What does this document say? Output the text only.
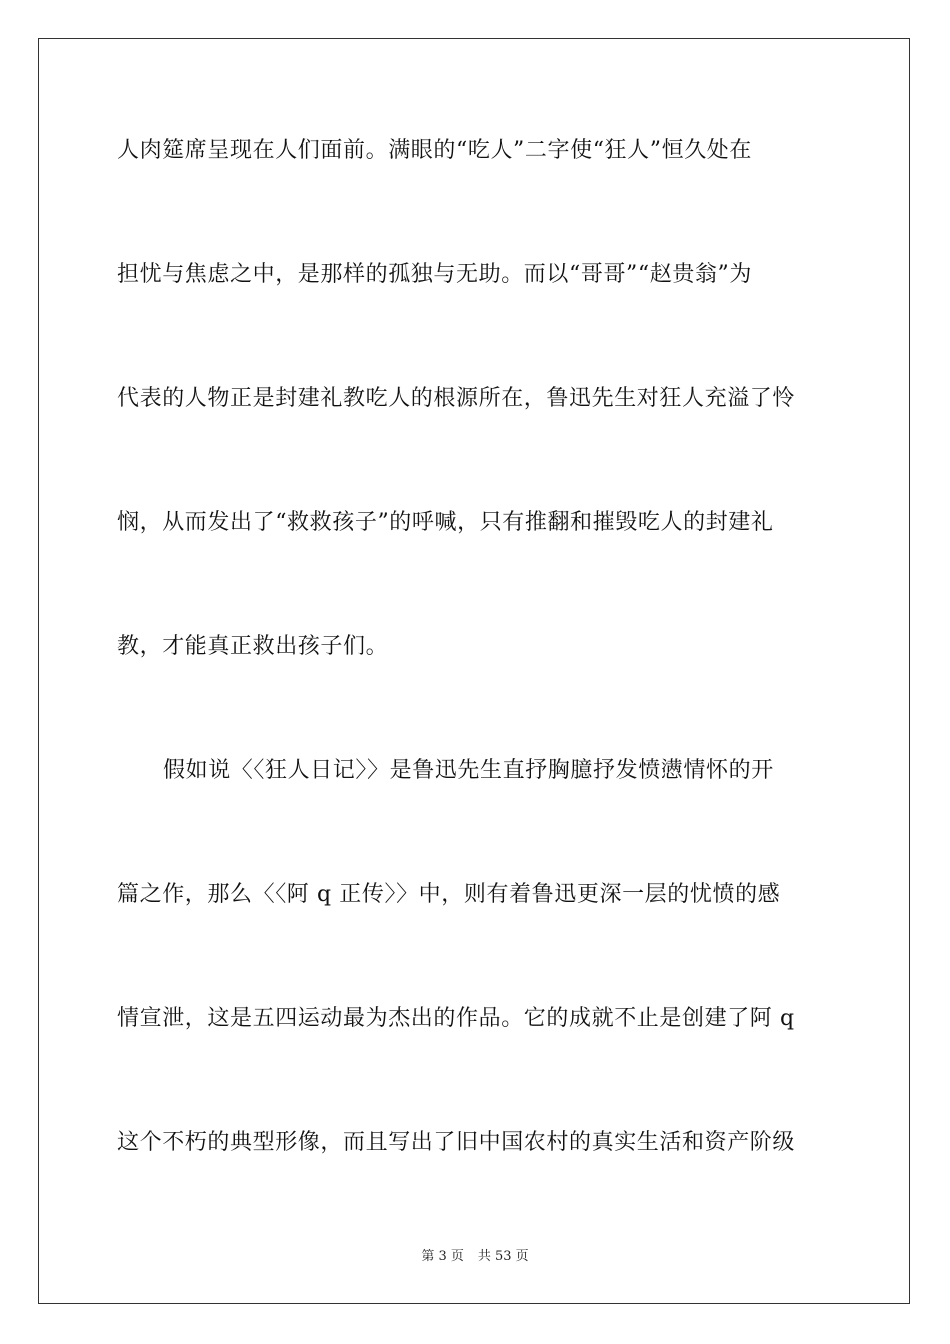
人肉筵席呈现在人们面前。满眼的“吃人”二字使“狂人”恒久处在
担忧与焦虑之中，是那样的孤独与无助。而以“哥哥”“赵贵翁”为
代表的人物正是封建礼教吃人的根源所在，鲁迅先生对狂人充溢了怜
悯，从而发出了“救救孩子”的呼喊，只有推翻和摧毁吃人的封建礼
教，才能真正救出孩子们。
假如说〈〈狂人日记〉〉是鲁迅先生直抒胸臆抒发愤懑情怀的开
篇之作，那么〈〈阿 q 正传〉〉中，则有着鲁迅更深一层的忧愤的感
情宣泄，这是五四运动最为杰出的作品。它的成就不止是创建了阿 q
这个不朽的典型形像，而且写出了旧中国农村的真实生活和资产阶级
第 3 页 共 53 页
